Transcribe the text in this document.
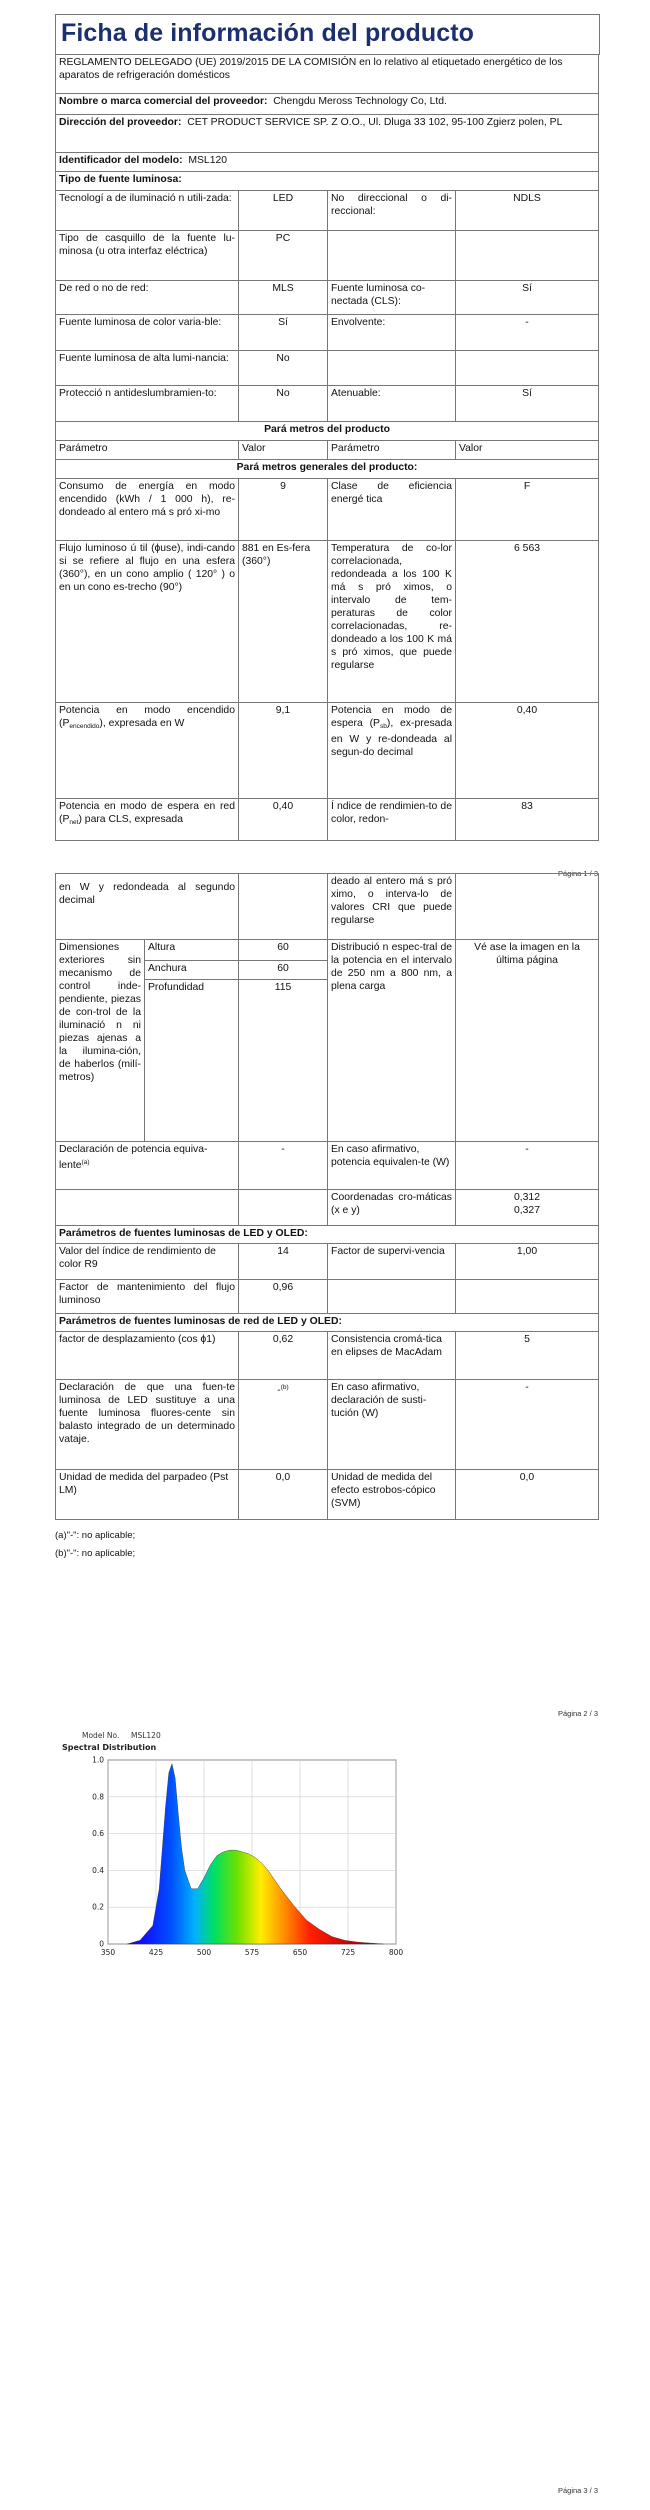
Ficha de información del producto
REGLAMENTO DELEGADO (UE) 2019/2015 DE LA COMISIÓN en lo relativo al etiquetado energético de los aparatos de refrigeración domésticos			
Nombre o marca comercial del proveedor: Chengdu Meross Technology Co, Ltd.			
Dirección del proveedor: CET PRODUCT SERVICE SP. Z O.O., Ul. Dluga 33 102, 95-100 Zgierz polen, PL			
Identificador del modelo: MSL120			
Tipo de fuente luminosa:			
Tecnologí a de iluminació n utili-zada:	LED	No direccional o di-reccional:	NDLS
Tipo de casquillo de la fuente lu-minosa (u otra interfaz eléctrica)	PC		
De red o no de red:	MLS	Fuente luminosa co-nectada (CLS):	Sí
Fuente luminosa de color varia-ble:	Sí	Envolvente:	-
Fuente luminosa de alta lumi-nancia:	No		
Protecció n antideslumbramien-to:	No	Atenuable:	Sí
Pará metros del producto			
Parámetro	Valor	Parámetro	Valor
Pará metros generales del producto:			
Consumo de energía en modo encendido (kWh / 1 000 h), re-dondeado al entero má s pró xi-mo	9	Clase de eficiencia energé tica	F
Flujo luminoso ú til (ɸuse), indi-cando si se refiere al flujo en una esfera (360°), en un cono amplio ( 120° ) o en un cono es-trecho (90°)	881 en Es-fera (360°)	Temperatura de co-lor correlacionada, redondeada a los 100 K má s pró ximos, o intervalo de tem-peraturas de color correlacionadas, re-dondeado a los 100 K má s pró ximos, que puede regularse	6 563
Potencia en modo encendido $(P_{encendido})$, expresada en W	9,1	Potencia en modo de espera $(P_{sb})$, ex-presada en W y re-dondeada al segun-do decimal	0,40
Potencia en modo de espera en red $(P_{net})$ para CLS, expresada	0,40	Í ndice de rendimien-to de color, redon-	83
Página 1 / 3
en W y redondeada al segundo decimal			deado al entero má s pró ximo, o interva-lo de valores CRI que puede regularse	
Dimensiones exteriores sin mecanismo de control inde-pendiente, piezas de con-trol de la iluminació n ni piezas ajenas a la ilumina-ción, de haberlos (milí-metros)	Altura	60	Distribució n espec-tral de la potencia en el intervalo de 250 nm a 800 nm, a plena carga	Vé ase la imagen en la última página
	Anchura	60		
	Profundidad	115		
Declaración de potencia equiva-lente$^{(a)}$		-	En caso afirmativo, potencia equivalen-te (W)	-
			Coordenadas cro-máticas (x e y)	0,312
0,327
Parámetros de fuentes luminosas de LED y OLED:				
Valor del índice de rendimiento de color R9		14	Factor de supervi-vencia	1,00
Factor de mantenimiento del flujo luminoso		0,96		
Parámetros de fuentes luminosas de red de LED y OLED:				
factor de desplazamiento (cos ɸ1)		0,62	Consistencia cromá-tica en elipses de MacAdam	5
Declaración de que una fuen-te luminosa de LED sustituye a una fuente luminosa fluores-cente sin balasto integrado de un determinado vataje.		-$^{(b)}$	En caso afirmativo, declaración de susti-tución (W)	-
Unidad de medida del parpadeo (Pst LM)		0,0	Unidad de medida del efecto estrobos-cópico (SVM)	0,0
(a)"-": no aplicable;
(b)"-": no aplicable;
Página 2 / 3
Model No. MSL120
Spectral Distribution
350	425	500	575	650	725	800
0
0.2
0.4
0.6
0.8
1.0
Página 3 / 3
